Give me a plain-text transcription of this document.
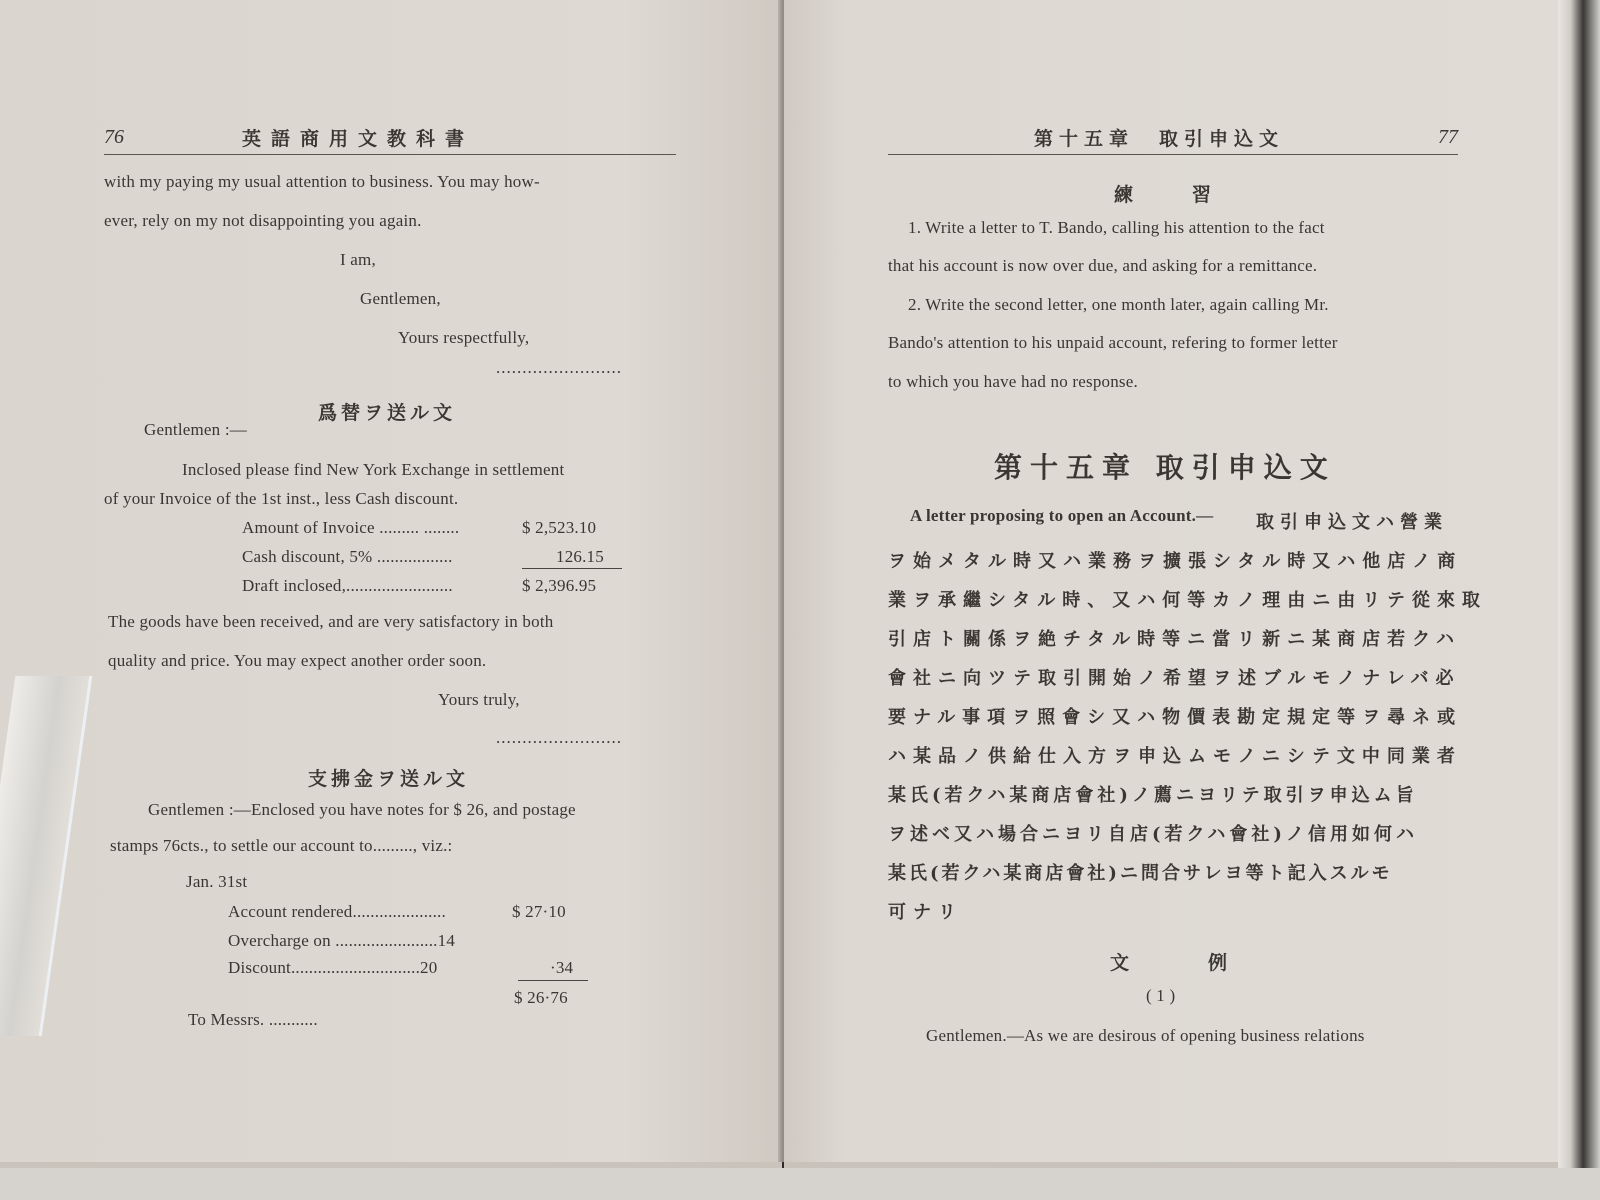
76	英語商用文教科書
with my paying my usual attention to business. You may how-
ever, rely on my not disappointing you again.
I am,
Gentlemen,
Yours respectfully,
........................
爲替ヲ送ル文
Gentlemen :—
Inclosed please find New York Exchange in settlement
of your Invoice of the 1st inst., less Cash discount.
Amount of Invoice ......... ........	$ 2,523.10
Cash discount, 5% .................	126.15
Draft inclosed,........................	$ 2,396.95
The goods have been received, and are very satisfactory in both
quality and price. You may expect another order soon.
Yours truly,
........................
支拂金ヲ送ル文
Gentlemen :—Enclosed you have notes for $ 26, and postage
stamps 76cts., to settle our account to........., viz.:
Jan. 31st
Account rendered.....................	$ 27·10
Overcharge on .......................14
Discount.............................20	·34
$ 26·76
To Messrs. ...........
第十五章　取引申込文	77
練　習
1. Write a letter to T. Bando, calling his attention to the fact
that his account is now over due, and asking for a remittance.
2. Write the second letter, one month later, again calling Mr.
Bando's attention to his unpaid account, refering to former letter
to which you have had no response.
第十五章 取引申込文
A letter proposing to open an Account.— 取引申込文ハ營業
ヲ始メタル時又ハ業務ヲ擴張シタル時又ハ他店ノ商
業ヲ承繼シタル時、又ハ何等カノ理由ニ由リテ從來取
引店ト關係ヲ絶チタル時等ニ當リ新ニ某商店若クハ
會社ニ向ツテ取引開始ノ希望ヲ述ブルモノナレバ必
要ナル事項ヲ照會シ又ハ物價表勘定規定等ヲ尋ネ或
ハ某品ノ供給仕入方ヲ申込ムモノニシテ文中同業者
某氏(若クハ某商店會社)ノ薦ニヨリテ取引ヲ申込ム旨
ヲ述ベ又ハ場合ニヨリ自店(若クハ會社)ノ信用如何ハ
某氏(若クハ某商店會社)ニ問合サレヨ等ト記入スルモ
可ナリ
文　例
( 1 )
Gentlemen.—As we are desirous of opening business relations
